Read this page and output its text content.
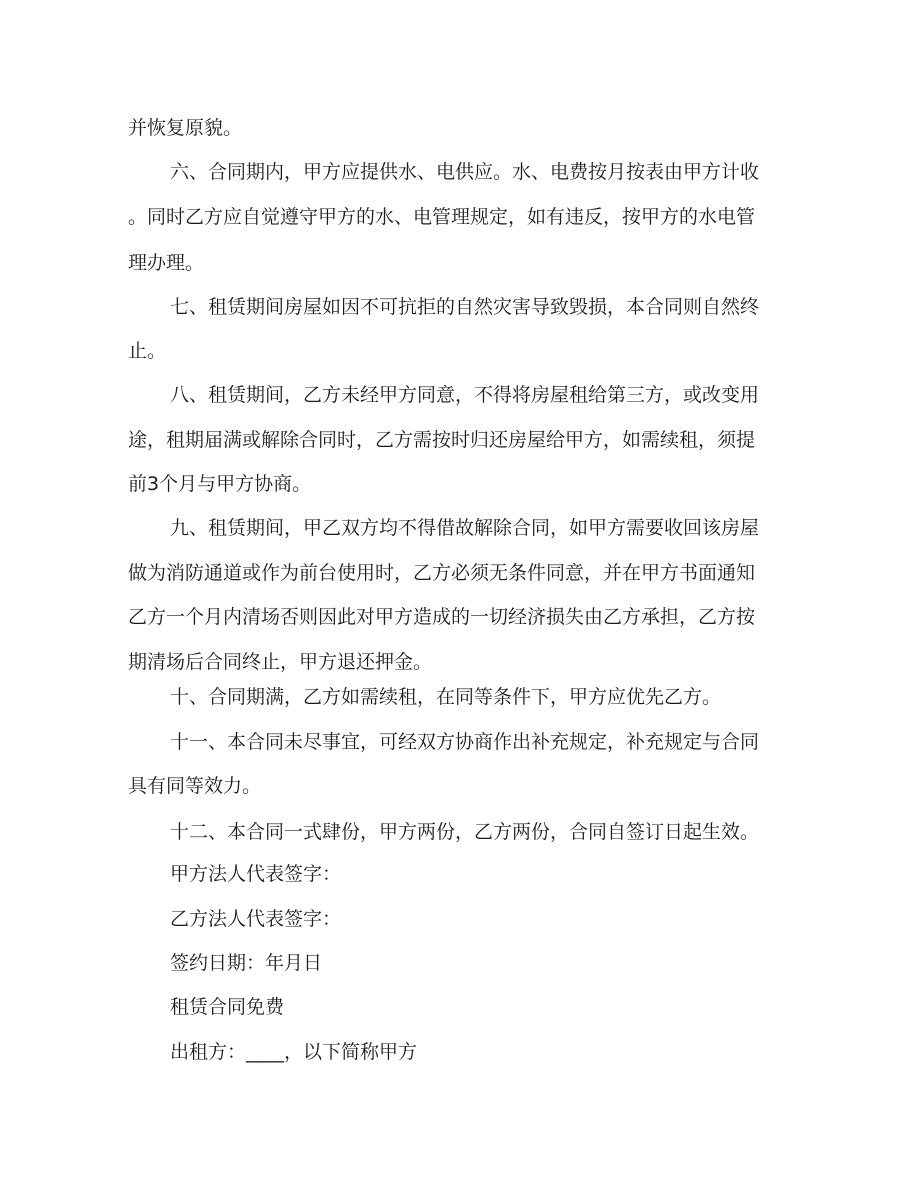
并恢复原貌。
六、合同期内，甲方应提供水、电供应。水、电费按月按表由甲方计收
。同时乙方应自觉遵守甲方的水、电管理规定，如有违反，按甲方的水电管
理办理。
七、租赁期间房屋如因不可抗拒的自然灾害导致毁损，本合同则自然终
止。
八、租赁期间，乙方未经甲方同意，不得将房屋租给第三方，或改变用
途，租期届满或解除合同时，乙方需按时归还房屋给甲方，如需续租，须提
前3个月与甲方协商。
九、租赁期间，甲乙双方均不得借故解除合同，如甲方需要收回该房屋
做为消防通道或作为前台使用时，乙方必须无条件同意，并在甲方书面通知
乙方一个月内清场否则因此对甲方造成的一切经济损失由乙方承担，乙方按
期清场后合同终止，甲方退还押金。
十、合同期满，乙方如需续租，在同等条件下，甲方应优先乙方。
十一、本合同未尽事宜，可经双方协商作出补充规定，补充规定与合同
具有同等效力。
十二、本合同一式肆份，甲方两份，乙方两份，合同自签订日起生效。
甲方法人代表签字：
乙方法人代表签字：
签约日期：年月日
租赁合同免费
出租方：____，以下简称甲方
